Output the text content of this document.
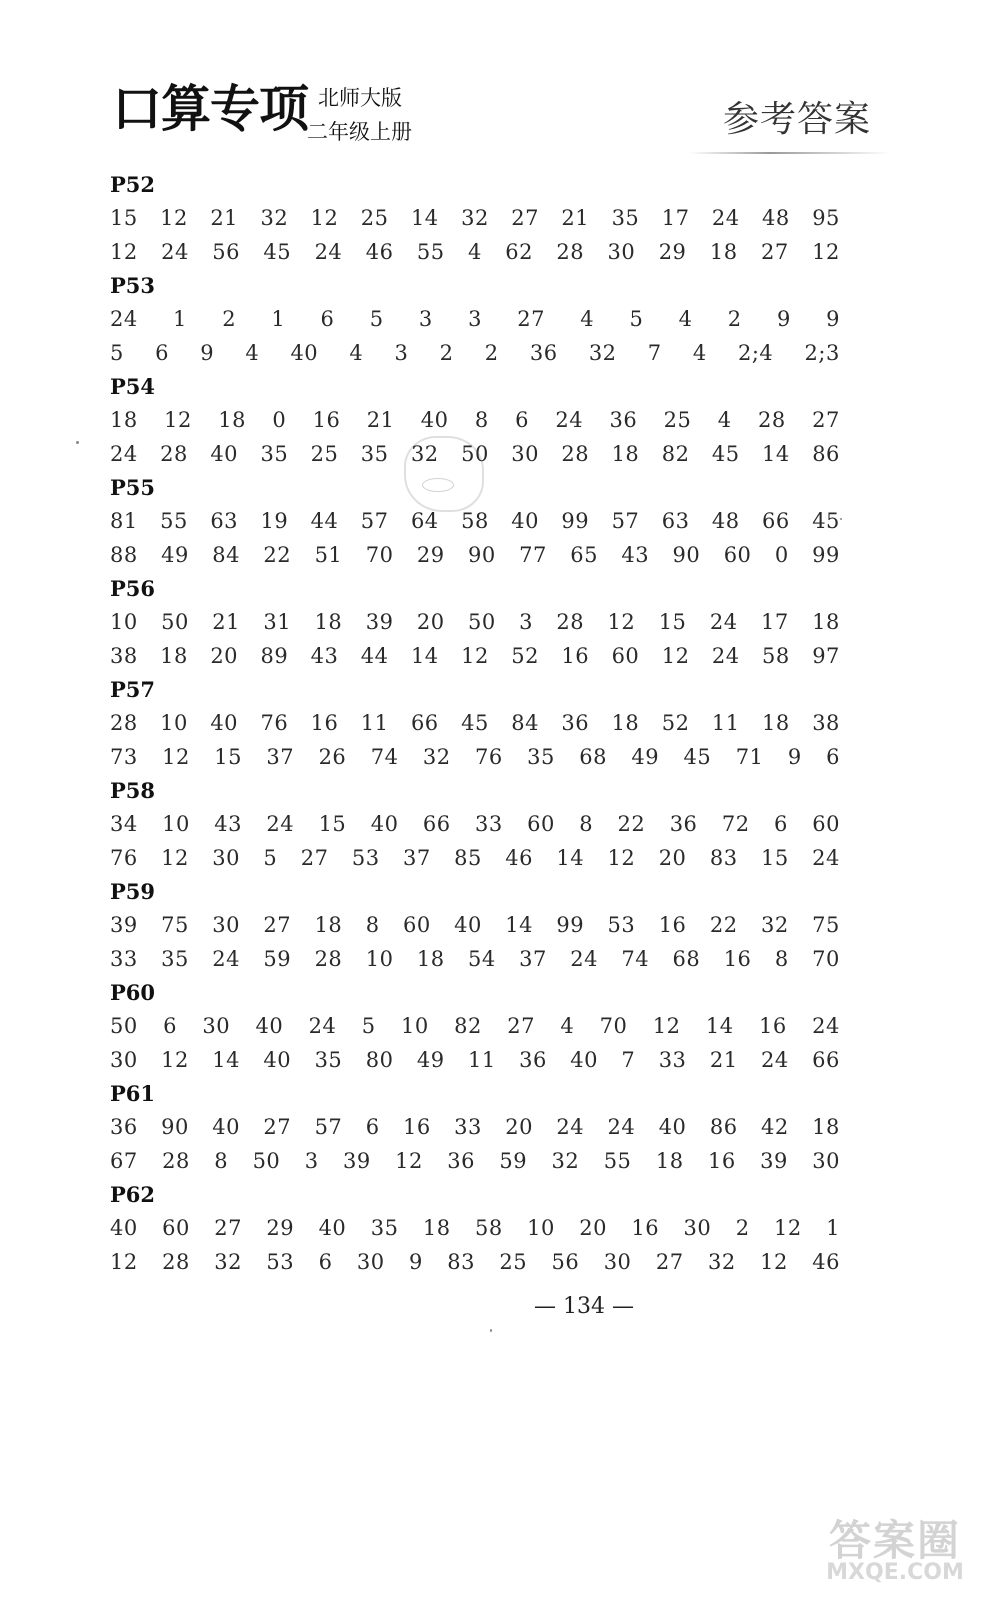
口算专项 北师大版
二年级上册	参考答案
P52
15 12 21 32 12 25 14 32 27 21 35 17 24 48 95
12 24 56 45 24 46 55 4 62 28 30 29 18 27 12
P53
24 1 2 1 6 5 3 3 27 4 5 4 2 9 9
5 6 9 4 40 4 3 2 2 36 32 7 4 2;4 2;3
P54
18 12 18 0 16 21 40 8 6 24 36 25 4 28 27
24 28 40 35 25 35 32 50 30 28 18 82 45 14 86
P55
81 55 63 19 44 57 64 58 40 99 57 63 48 66 45
88 49 84 22 51 70 29 90 77 65 43 90 60 0 99
P56
10 50 21 31 18 39 20 50 3 28 12 15 24 17 18
38 18 20 89 43 44 14 12 52 16 60 12 24 58 97
P57
28 10 40 76 16 11 66 45 84 36 18 52 11 18 38
73 12 15 37 26 74 32 76 35 68 49 45 71 9 6
P58
34 10 43 24 15 40 66 33 60 8 22 36 72 6 60
76 12 30 5 27 53 37 85 46 14 12 20 83 15 24
P59
39 75 30 27 18 8 60 40 14 99 53 16 22 32 75
33 35 24 59 28 10 18 54 37 24 74 68 16 8 70
P60
50 6 30 40 24 5 10 82 27 4 70 12 14 16 24
30 12 14 40 35 80 49 11 36 40 7 33 21 24 66
P61
36 90 40 27 57 6 16 33 20 24 24 40 86 42 18
67 28 8 50 3 39 12 36 59 32 55 18 16 39 30
P62
40 60 27 29 40 35 18 58 10 20 16 30 2 12 1
12 28 32 53 6 30 9 83 25 56 30 27 32 12 46
— 134 —
答案圈
MXQE.COM
